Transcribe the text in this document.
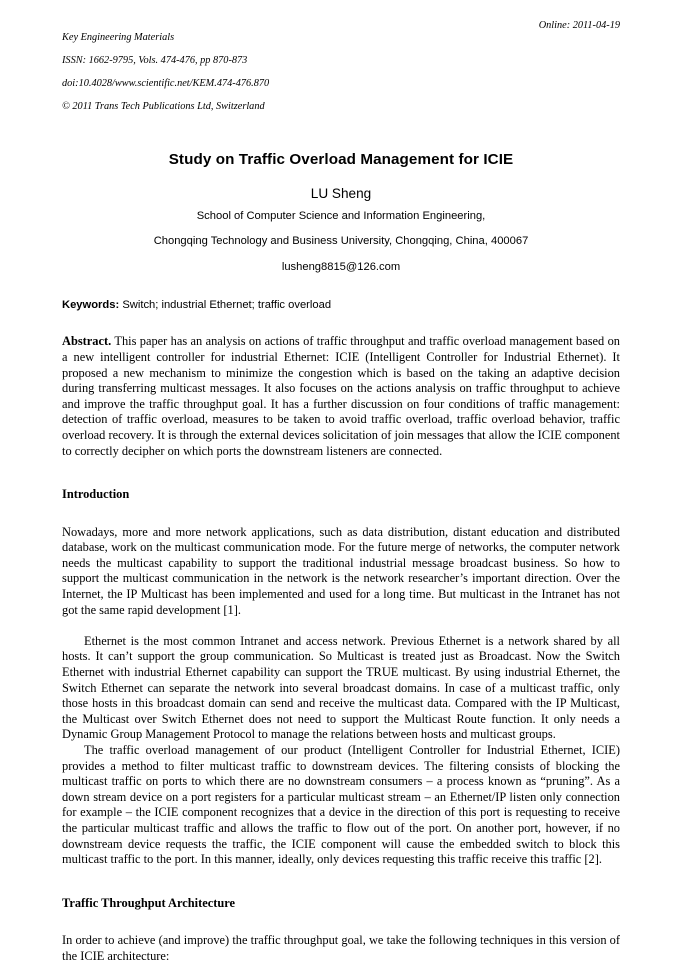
Key Engineering Materials

ISSN: 1662-9795, Vols. 474-476, pp 870-873

doi:10.4028/www.scientific.net/KEM.474-476.870

© 2011 Trans Tech Publications Ltd, Switzerland

Online: 2011-04-19
Study on Traffic Overload Management for ICIE
LU Sheng
School of Computer Science and Information Engineering,
Chongqing Technology and Business University, Chongqing, China, 400067
lusheng8815@126.com
Keywords: Switch; industrial Ethernet; traffic overload
Abstract. This paper has an analysis on actions of traffic throughput and traffic overload management based on a new intelligent controller for industrial Ethernet: ICIE (Intelligent Controller for Industrial Ethernet). It proposed a new mechanism to minimize the congestion which is based on the taking an adaptive decision during transferring multicast messages. It also focuses on the actions analysis on traffic throughput to achieve and improve the traffic throughput goal. It has a further discussion on four conditions of traffic management: detection of traffic overload, measures to be taken to avoid traffic overload, traffic overload behavior, traffic overload recovery. It is through the external devices solicitation of join messages that allow the ICIE component to correctly decipher on which ports the downstream listeners are connected.
Introduction

Nowadays, more and more network applications, such as data distribution, distant education and distributed database, work on the multicast communication mode. For the future merge of networks, the computer network needs the multicast capability to support the traditional industrial message broadcast business. So how to support the multicast communication in the network is the network researcher’s important direction. Over the Internet, the IP Multicast has been implemented and used for a long time. But multicast in the Intranet has not got the same rapid development [1].

Ethernet is the most common Intranet and access network. Previous Ethernet is a network shared by all hosts. It can’t support the group communication. So Multicast is treated just as Broadcast. Now the Switch Ethernet with industrial Ethernet capability can support the TRUE multicast. By using industrial Ethernet, the Switch Ethernet can separate the network into several broadcast domains. In case of a multicast traffic, only those hosts in this broadcast domain can send and receive the multicast data. Compared with the IP Multicast, the Multicast over Switch Ethernet does not need to support the Multicast Route function. It only needs a Dynamic Group Management Protocol to manage the relations between hosts and multicast groups.

The traffic overload management of our product (Intelligent Controller for Industrial Ethernet, ICIE) provides a method to filter multicast traffic to downstream devices. The filtering consists of blocking the multicast traffic on ports to which there are no downstream consumers – a process known as “pruning”. As a down stream device on a port registers for a particular multicast stream – an Ethernet/IP listen only connection for example – the ICIE component recognizes that a device in the direction of this port is requesting to receive the particular multicast traffic and allows the traffic to flow out of the port. On another port, however, if no downstream device requests the traffic, the ICIE component will cause the embedded switch to block this multicast traffic to the port. In this manner, ideally, only devices requesting this traffic receive this traffic [2].

Traffic Throughput Architecture

In order to achieve (and improve) the traffic throughput goal, we take the following techniques in this version of the ICIE architecture:
